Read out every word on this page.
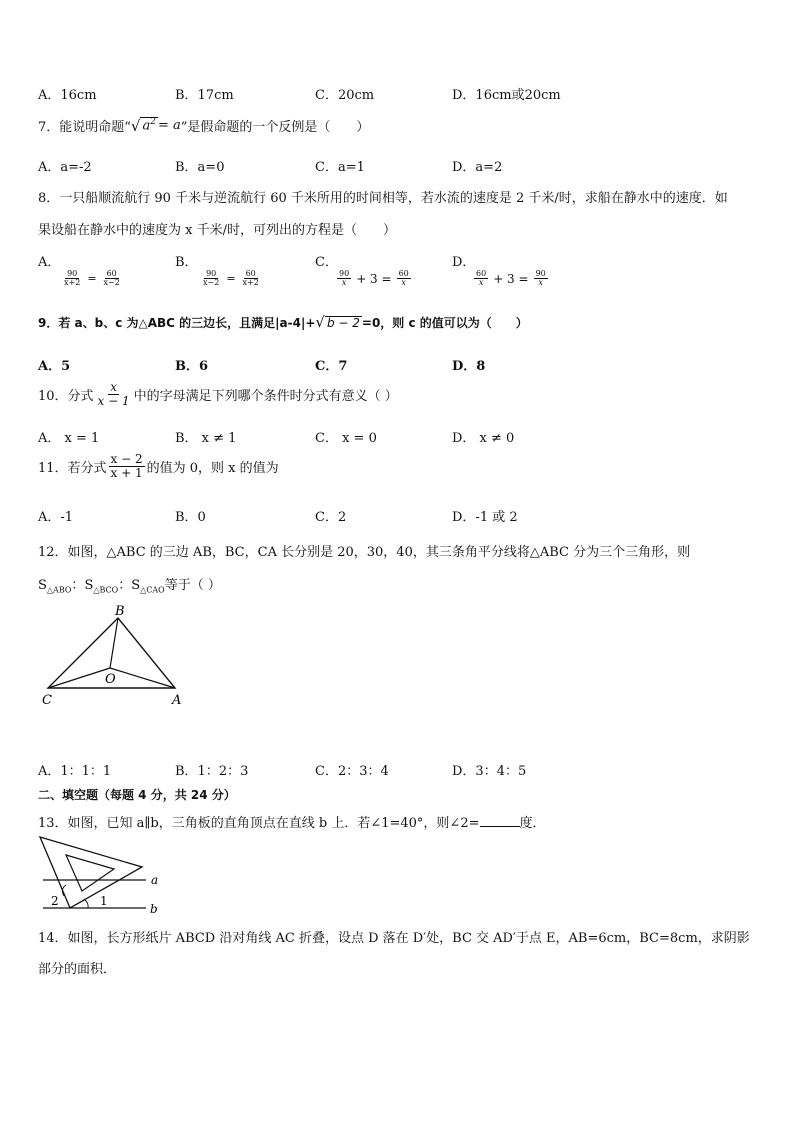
A．16cm	B．17cm	C．20cm	D．16cm或20cm
7．能说明命题“ √ $a^2 = a$ ”是假命题的一个反例是（　　）
A．a=-2	B．a=0	C．a=1	D．a=2
8．一只船顺流航行 90 千米与逆流航行 60 千米所用的时间相等，若水流的速度是 2 千米/时，求船在静水中的速度．如
果设船在静水中的速度为 x 千米/时，可列出的方程是（　　）
A．
$\frac{90}{x+2} = \frac{60}{x-2}$
B．
$\frac{90}{x-2} = \frac{60}{x+2}$
C．
$\frac{90}{x} + 3 = \frac{60}{x}$
D．
$\frac{60}{x} + 3 = \frac{90}{x}$
9．若 a、b、c 为△ABC 的三边长，且满足|a-4|+ √ b − 2 =0，则 c 的值可以为（　　）
A．5	B．6	C．7	D．8
10．分式 $\frac{x}{x - 1}$ 中的字母满足下列哪个条件时分式有意义（ ）
A． x = 1	B． x ≠ 1	C． x = 0	D． x ≠ 0
11．若分式 $\frac{x - 2}{x + 1}$ 的值为 0，则 x 的值为
A．-1	B．0	C．2	D．-1 或 2
12．如图，△ABC 的三边 AB，BC，CA 长分别是 20，30，40，其三条角平分线将△ABC 分为三个三角形，则
$S_{\triangle ABO}$：$S_{\triangle BCO}$：$S_{\triangle CAO}$等于（ ）
B
C	A
O
A．1：1：1	B．1：2：3	C．2：3：4	D．3：4：5
二、填空题（每题 4 分，共 24 分）
13．如图，已知 a∥b，三角板的直角顶点在直线 b 上．若∠1=40°，则∠2=	度．
a
b
1
2
14．如图，长方形纸片 ABCD 沿对角线 AC 折叠，设点 D 落在 D′处，BC 交 AD′于点 E，AB=6cm，BC=8cm，求阴影
部分的面积．
